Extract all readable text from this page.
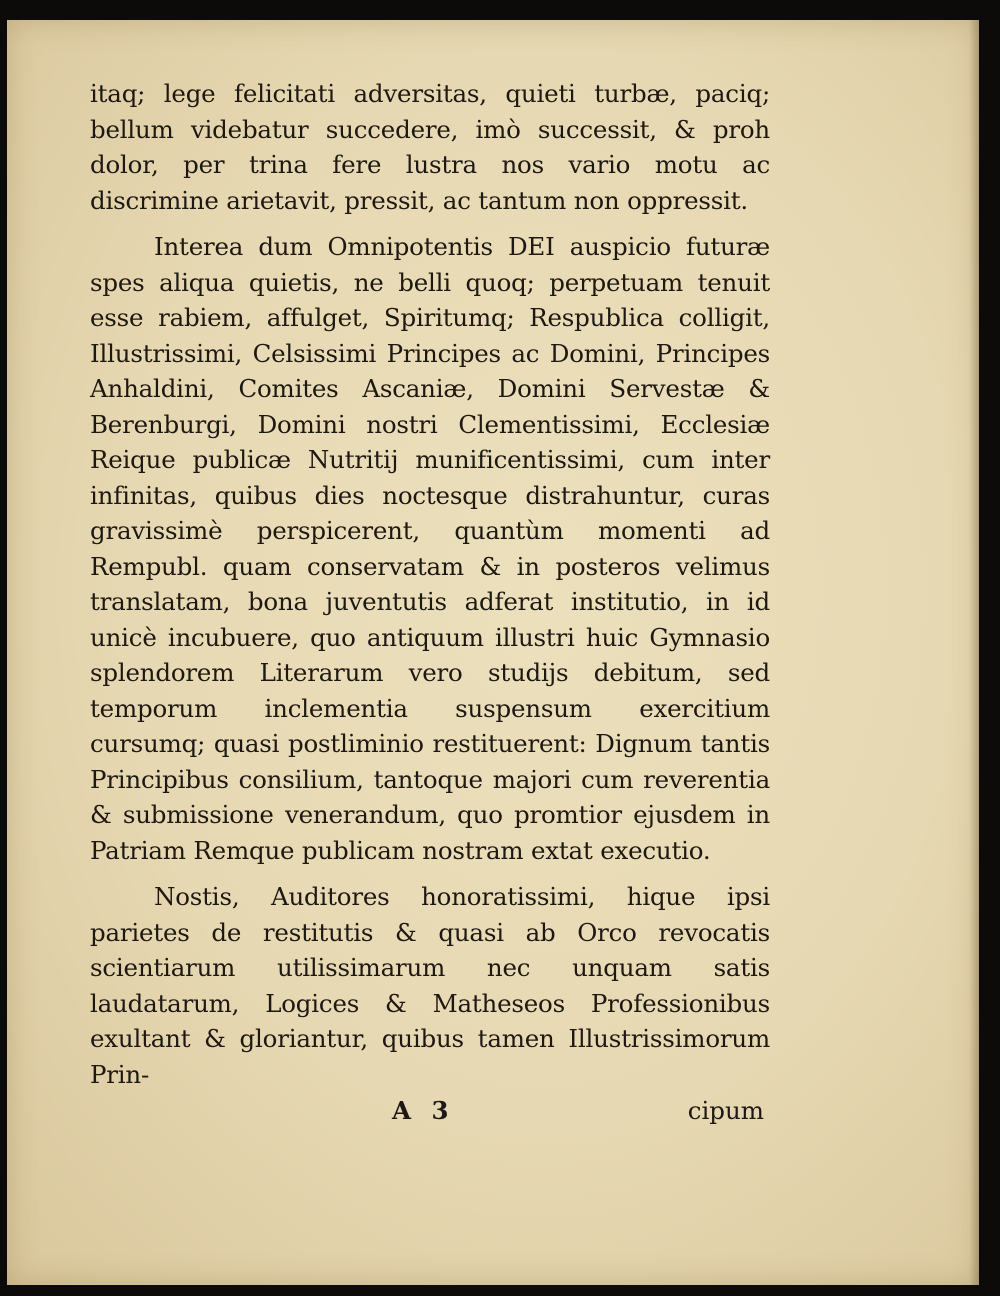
itaq; lege felicitati adversitas, quieti turbæ, paciq; bellum videbatur succedere, imò successit, & proh dolor, per trina fere lustra nos vario motu ac discrimine arietavit, pressit, ac tantum non oppressit.

Interea dum Omnipotentis DEI auspicio futuræ spes aliqua quietis, ne belli quoq; perpetuam tenuit esse rabiem, affulget, Spiritumq; Respublica colligit, Illustrissimi, Celsissimi Principes ac Domini, Principes Anhaldini, Comites Ascaniæ, Domini Servestæ & Berenburgi, Domini nostri Clementissimi, Ecclesiæ Reique publicæ Nutritij munificentissimi, cum inter infinitas, quibus dies noctesque distrahuntur, curas gravissimè perspicerent, quantùm momenti ad Rempubl. quam conservatam & in posteros velimus translatam, bona juventutis adferat institutio, in id unicè incubuere, quo antiquum illustri huic Gymnasio splendorem Literarum vero studijs debitum, sed temporum inclementia suspensum exercitium cursumq; quasi postliminio restituerent: Dignum tantis Principibus consilium, tantoque majori cum reverentia & submissione venerandum, quo promtior ejusdem in Patriam Remque publicam nostram extat executio.

Nostis, Auditores honoratissimi, hique ipsi parietes de restitutis & quasi ab Orco revocatis scientiarum utilissimarum nec unquam satis laudatarum, Logices & Matheseos Professionibus exultant & gloriantur, quibus tamen Illustrissimorum Prin-

A 3	cipum
